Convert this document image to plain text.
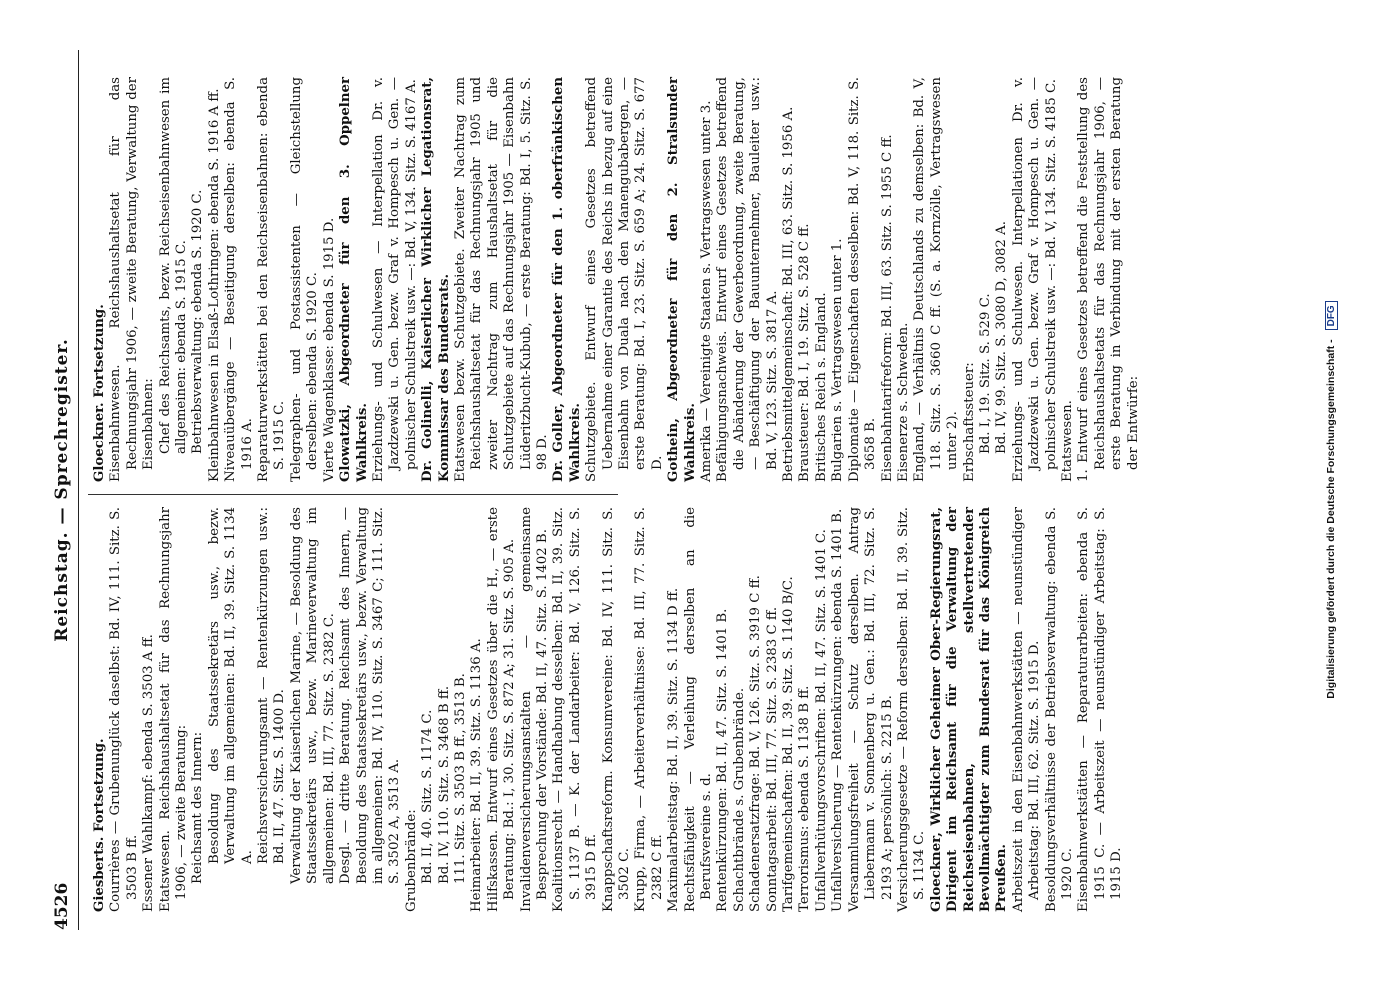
4526
Reichstag. — Sprechregister.

Giesberts. Fortsetzung. Courrières — Grubenunglück daselbst: Bd. IV, 111. Sitz. S. 3503 B ff. Essener Wahlkampf: ebenda S. 3503 A ff. Etatswesen. Reichshaushaltsetat für das Rechnungsjahr 1906, — zweite Beratung: Reichsamt des Innern: Besoldung des Staatssekretärs usw., bezw. Verwaltung im allgemeinen: Bd. II, 39. Sitz. S. 1134 A. Reichsversicherungsamt — Rentenkürzungen usw.: Bd. II, 47. Sitz. S. 1400 D. Verwaltung der Kaiserlichen Marine, — Besoldung des Staatssekretärs usw., bezw. Marineverwaltung im allgemeinen: Bd. III, 77. Sitz. S. 2382 C. Desgl. — dritte Beratung. Reichsamt des Innern, — Besoldung des Staatssekretärs usw., bezw. Verwaltung im allgemeinen: Bd. IV, 110. Sitz. S. 3467 C; 111. Sitz. S. 3502 A, 3513 A. Grubenbrände: Bd. II, 40. Sitz. S. 1174 C. Bd. IV, 110. Sitz. S. 3468 B ff. 111. Sitz. S. 3503 B ff., 3513 B. Heimarbeiter: Bd. II, 39. Sitz. S. 1136 A. Hilfskassen. Entwurf eines Gesetzes über die H., — erste Beratung: Bd.: I, 30. Sitz. S. 872 A; 31. Sitz. S. 905 A. Invalidenversicherungsanstalten — gemeinsame Besprechung der Vorstände: Bd. II, 47. Sitz. S. 1402 B. Koalitionsrecht — Handhabung desselben: Bd. II, 39. Sitz. S. 1137 B. — K. der Landarbeiter: Bd. V, 126. Sitz. S. 3915 D ff. Knappschaftsreform. Konsumvereine: Bd. IV, 111. Sitz. S. 3502 C. Krupp, Firma, — Arbeiterverhältnisse: Bd. III, 77. Sitz. S. 2382 C ff. Maximalarbeitstag: Bd. II, 39. Sitz. S. 1134 D ff. Rechtsfähigkeit — Verleihung derselben an die Berufsvereine s. d. Rentenkürzungen: Bd. II, 47. Sitz. S. 1401 B. Schachtbrände s. Grubenbrände. Schadenersatzfrage: Bd. V, 126. Sitz. S. 3919 C ff. Sonntagsarbeit: Bd. III, 77. Sitz. S. 2383 C ff. Tarifgemeinschaften: Bd. II, 39. Sitz. S. 1140 B/C. Terrorismus: ebenda S. 1138 B ff. Unfallverhütungsvorschriften: Bd. II, 47. Sitz. S. 1401 C. Unfallversicherung — Rentenkürzungen: ebenda S. 1401 B. Versammlungsfreiheit — Schutz derselben. Antrag Liebermann v. Sonnenberg u. Gen.: Bd. III, 72. Sitz. S. 2193 A; persönlich: S. 2215 B. Versicherungsgesetze — Reform derselben: Bd. II, 39. Sitz. S. 1134 C. Gloeckner, Wirklicher Geheimer Ober-Regierungsrat, Dirigent im Reichsamt für die Verwaltung der Reichseisenbahnen, stellvertretender Bevollmächtigter zum Bundesrat für das Königreich Preußen. Arbeitszeit in den Eisenbahnwerkstätten — neunstündiger Arbeitstag: Bd. III, 62. Sitz. S. 1915 D. Besoldungsverhältnisse der Betriebsverwaltung: ebenda S. 1920 C. Eisenbahnwerkstätten — Reparaturarbeiten: ebenda S. 1915 C. — Arbeitszeit — neunstündiger Arbeitstag: S. 1915 D.

Gloeckner. Fortsetzung. Eisenbahnwesen. Reichshaushaltsetat für das Rechnungsjahr 1906, — zweite Beratung, Verwaltung der Eisenbahnen: Chef des Reichsamts, bezw. Reichseisenbahnwesen im allgemeinen: ebenda S. 1915 C. Betriebsverwaltung: ebenda S. 1920 C. Kleinbahnwesen in Elsaß-Lothringen: ebenda S. 1916 A ff. Niveauübergänge — Beseitigung derselben: ebenda S. 1916 A. Reparaturwerkstätten bei den Reichseisenbahnen: ebenda S. 1915 C. Telegraphen- und Postassistenten — Gleichstellung derselben: ebenda S. 1920 C. Vierte Wagenklasse: ebenda S. 1915 D. Glowatzki, Abgeordneter für den 3. Oppelner Wahlkreis. Erziehungs- und Schulwesen — Interpellation Dr. v. Jazdzewski u. Gen. bezw. Graf v. Hompesch u. Gen. — polnischer Schulstreik usw. —: Bd. V, 134. Sitz. S. 4167 A. Dr. Golinelli, Kaiserlicher Wirklicher Legationsrat, Kommissar des Bundesrats. Etatswesen bezw. Schutzgebiete. Zweiter Nachtrag zum Reichshaushaltsetat für das Rechnungsjahr 1905 und zweiter Nachtrag zum Haushaltsetat für die Schutzgebiete auf das Rechnungsjahr 1905 — Eisenbahn Lüderitzbucht-Kubub, — erste Beratung: Bd. I, 5. Sitz. S. 98 D. Dr. Goller, Abgeordneter für den 1. oberfränkischen Wahlkreis. Schutzgebiete. Entwurf eines Gesetzes betreffend Uebernahme einer Garantie des Reichs in bezug auf eine Eisenbahn von Duala nach den Manengubabergen, — erste Beratung: Bd. I, 23. Sitz. S. 659 A; 24. Sitz. S. 677 D. Gothein, Abgeordneter für den 2. Stralsunder Wahlkreis. Amerika — Vereinigte Staaten s. Vertragswesen unter 3. Befähigungsnachweis. Entwurf eines Gesetzes betreffend die Abänderung der Gewerbeordnung, zweite Beratung, — Beschäftigung der Bauunternehmer, Bauleiter usw.: Bd. V, 123. Sitz. S. 3817 A. Betriebsmittelgemeinschaft: Bd. III, 63. Sitz. S. 1956 A. Brausteuer: Bd. I, 19. Sitz. S. 528 C ff. Britisches Reich s. England. Bulgarien s. Vertragswesen unter 1. Diplomatie — Eigenschaften desselben: Bd. V, 118. Sitz. S. 3658 B. Eisenbahntarifreform: Bd. III, 63. Sitz. S. 1955 C ff. Eisenerze s. Schweden. England, — Verhältnis Deutschlands zu demselben: Bd. V, 118. Sitz. S. 3660 C ff. (S. a. Kornzölle, Vertragswesen unter 2). Erbschaftssteuer: Bd. I, 19. Sitz. S. 529 C. Bd. IV, 99. Sitz. S. 3080 D, 3082 A. Erziehungs- und Schulwesen. Interpellationen Dr. v. Jazdzewski u. Gen. bezw. Graf v. Hompesch u. Gen. — polnischer Schulstreik usw. —: Bd. V, 134. Sitz. S. 4185 C. Etatswesen. 1. Entwurf eines Gesetzes betreffend die Feststellung des Reichshaushaltsetats für das Rechnungsjahr 1906, — erste Beratung in Verbindung mit der ersten Beratung der Entwürfe:	Digitalisierung gefördert durch die Deutsche Forschungsgemeinschaft - DFG
